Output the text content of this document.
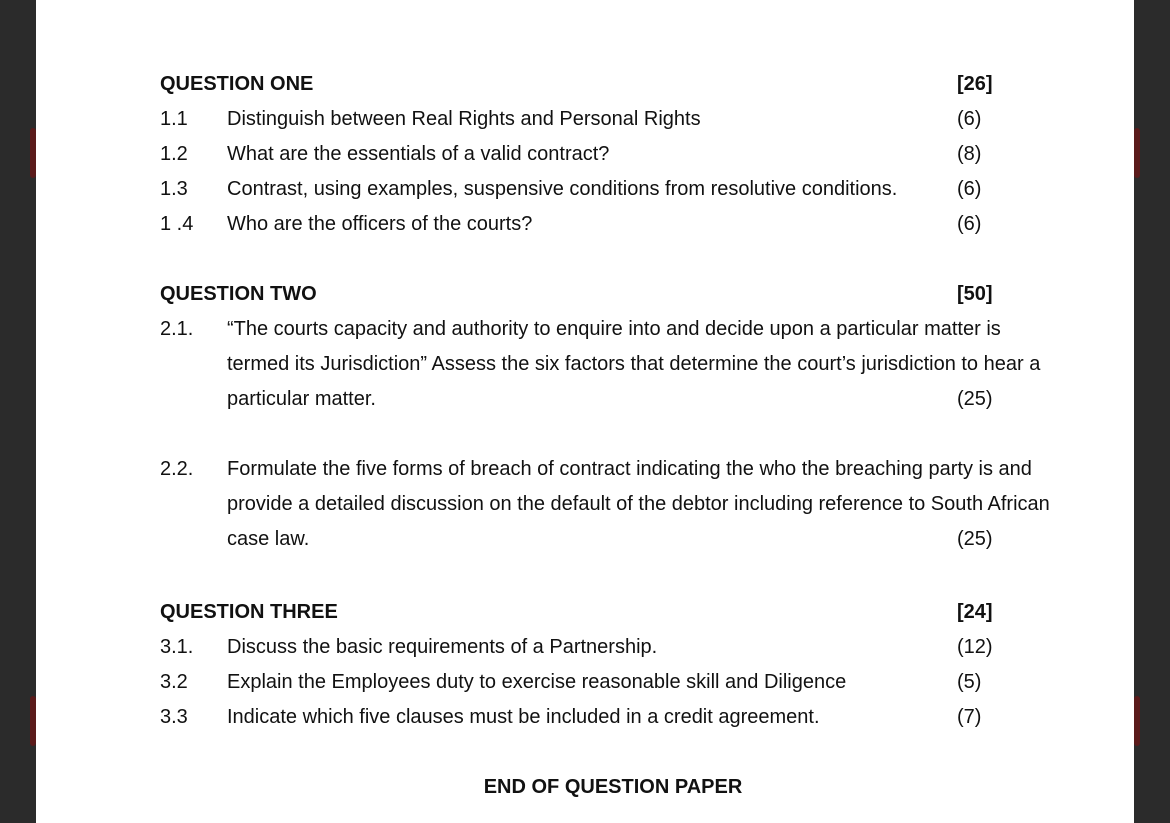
QUESTION ONE	[26]
1.1 Distinguish between Real Rights and Personal Rights	(6)
1.2 What are the essentials of a valid contract?	(8)
1.3 Contrast, using examples, suspensive conditions from resolutive conditions.	(6)
1 .4 Who are the officers of the courts?	(6)
QUESTION TWO	[50]
2.1. “The courts capacity and authority to enquire into and decide upon a particular matter is
termed its Jurisdiction” Assess the six factors that determine the court’s jurisdiction to hear a
particular matter.	(25)
2.2. Formulate the five forms of breach of contract indicating the who the breaching party is and
provide a detailed discussion on the default of the debtor including reference to South African
case law.	(25)
QUESTION THREE	[24]
3.1. Discuss the basic requirements of a Partnership.	(12)
3.2 Explain the Employees duty to exercise reasonable skill and Diligence	(5)
3.3 Indicate which five clauses must be included in a credit agreement.	(7)
END OF QUESTION PAPER
